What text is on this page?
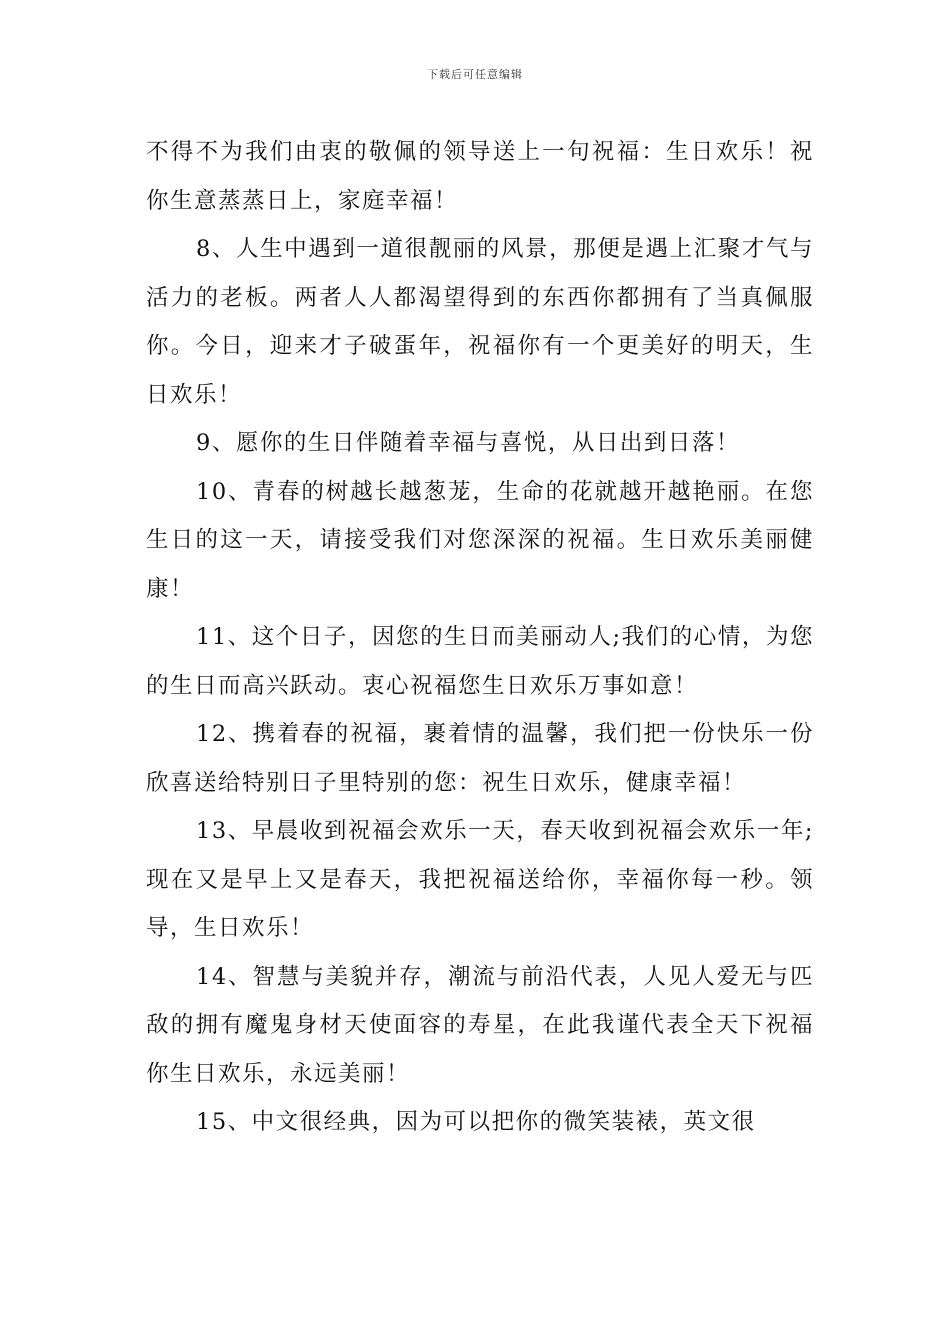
下载后可任意编辑

不得不为我们由衷的敬佩的领导送上一句祝福：生日欢乐！祝你生意蒸蒸日上，家庭幸福！

8、人生中遇到一道很靓丽的风景，那便是遇上汇聚才气与活力的老板。两者人人都渴望得到的东西你都拥有了当真佩服你。今日，迎来才子破蛋年，祝福你有一个更美好的明天，生日欢乐！

9、愿你的生日伴随着幸福与喜悦，从日出到日落！

10、青春的树越长越葱茏，生命的花就越开越艳丽。在您生日的这一天，请接受我们对您深深的祝福。生日欢乐美丽健康！

11、这个日子，因您的生日而美丽动人;我们的心情，为您的生日而高兴跃动。衷心祝福您生日欢乐万事如意！

12、携着春的祝福，裹着情的温馨，我们把一份快乐一份欣喜送给特别日子里特别的您：祝生日欢乐，健康幸福！

13、早晨收到祝福会欢乐一天，春天收到祝福会欢乐一年;现在又是早上又是春天，我把祝福送给你，幸福你每一秒。领导，生日欢乐！

14、智慧与美貌并存，潮流与前沿代表，人见人爱无与匹敌的拥有魔鬼身材天使面容的寿星，在此我谨代表全天下祝福你生日欢乐，永远美丽！

15、中文很经典，因为可以把你的微笑装裱，英文很
